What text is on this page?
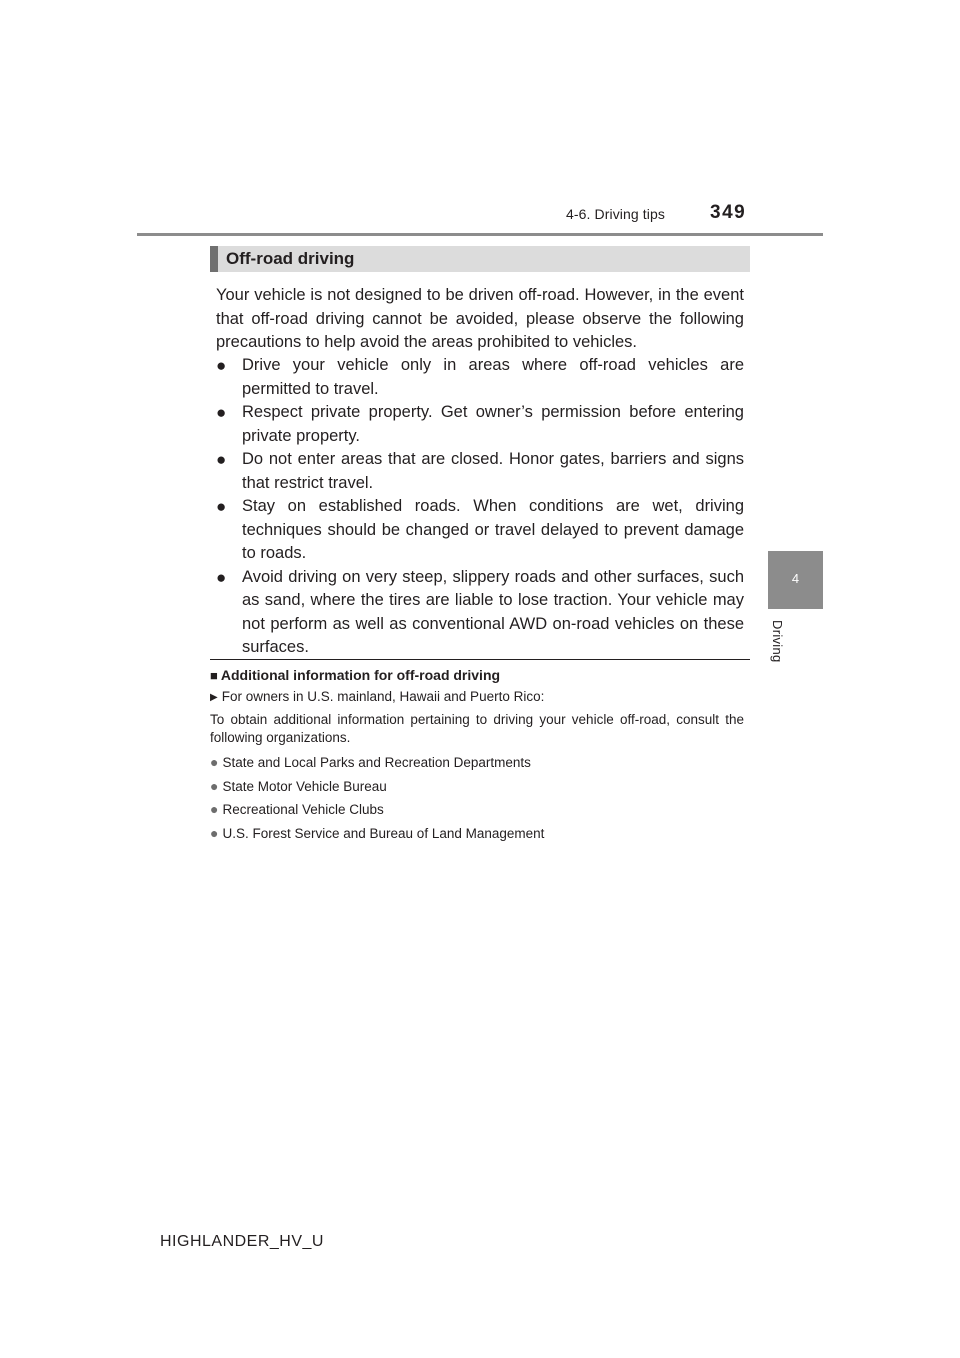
4-6. Driving tips 349
4
Driving
Off-road driving

Your vehicle is not designed to be driven off-road. However, in the event that off-road driving cannot be avoided, please observe the following precautions to help avoid the areas prohibited to vehicles.

● Drive your vehicle only in areas where off-road vehicles are permitted to travel.
● Respect private property. Get owner’s permission before entering private property.
● Do not enter areas that are closed. Honor gates, barriers and signs that restrict travel.
● Stay on established roads. When conditions are wet, driving techniques should be changed or travel delayed to prevent damage to roads.
● Avoid driving on very steep, slippery roads and other surfaces, such as sand, where the tires are liable to lose traction. Your vehicle may not perform as well as conventional AWD on-road vehicles on these surfaces.
■ Additional information for off-road driving
▶ For owners in U.S. mainland, Hawaii and Puerto Rico:

To obtain additional information pertaining to driving your vehicle off-road, consult the following organizations.

● State and Local Parks and Recreation Departments
● State Motor Vehicle Bureau
● Recreational Vehicle Clubs
● U.S. Forest Service and Bureau of Land Management
HIGHLANDER_HV_U
